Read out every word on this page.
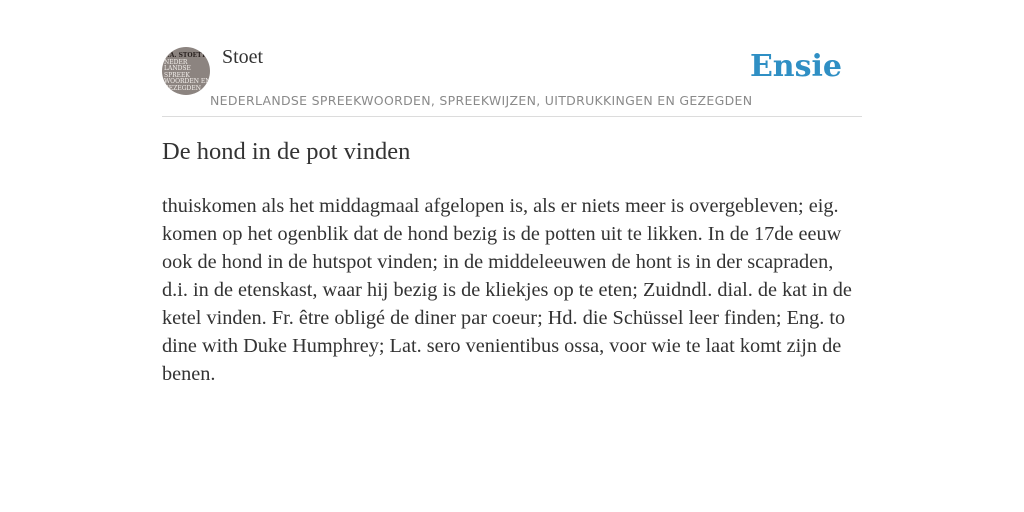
F.A. STOETT
NEDER
LANDSE
SPREEK
WOORDEN EN
GEZEGDEN
Stoet
NEDERLANDSE SPREEKWOORDEN, SPREEKWIJZEN, UITDRUKKINGEN EN GEZEGDEN
Ensie
De hond in de pot vinden

thuiskomen als het middagmaal afgelopen is, als er niets meer is overgebleven; eig. komen op het ogenblik dat de hond bezig is de potten uit te likken. In de 17de eeuw ook de hond in de hutspot vinden; in de middeleeuwen de hont is in der scapraden, d.i. in de etenskast, waar hij bezig is de kliekjes op te eten; Zuidndl. dial. de kat in de ketel vinden. Fr. être obligé de diner par coeur; Hd. die Schüssel leer finden; Eng. to dine with Duke Humphrey; Lat. sero venientibus ossa, voor wie te laat komt zijn de benen.
